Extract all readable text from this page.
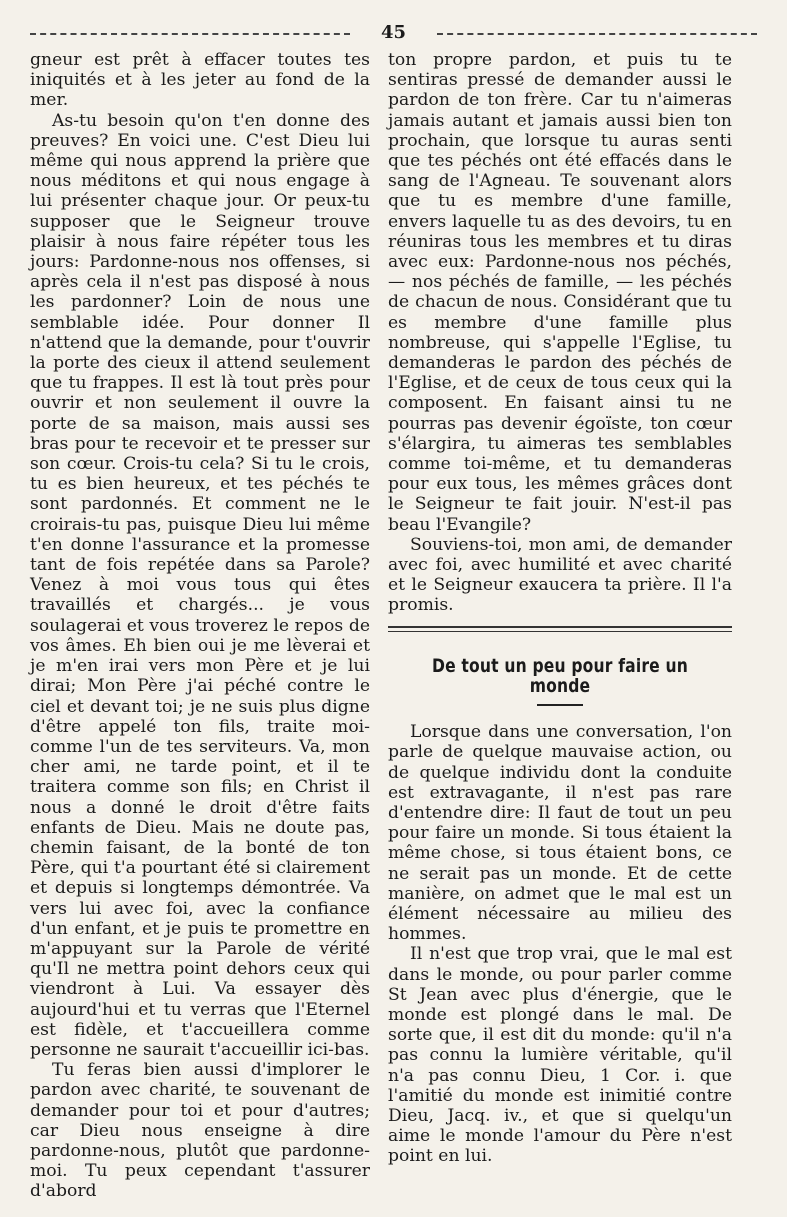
45

gneur est prêt à effacer toutes tes iniquités et à les jeter au fond de la mer.

As-tu besoin qu'on t'en donne des preuves? En voici une. C'est Dieu lui même qui nous apprend la prière que nous méditons et qui nous engage à lui présenter chaque jour. Or peux-tu supposer que le Seigneur trouve plaisir à nous faire répéter tous les jours: Pardonne-nous nos offenses, si après cela il n'est pas disposé à nous les pardonner? Loin de nous une semblable idée. Pour donner Il n'attend que la demande, pour t'ouvrir la porte des cieux il attend seulement que tu frappes. Il est là tout près pour ouvrir et non seulement il ouvre la porte de sa maison, mais aussi ses bras pour te recevoir et te presser sur son cœur. Crois-tu cela? Si tu le crois, tu es bien heureux, et tes péchés te sont pardonnés. Et comment ne le croirais-tu pas, puisque Dieu lui même t'en donne l'assurance et la promesse tant de fois repétée dans sa Parole? Venez à moi vous tous qui êtes travaillés et chargés... je vous soulagerai et vous troverez le repos de vos âmes. Eh bien oui je me lèverai et je m'en irai vers mon Père et je lui dirai; Mon Père j'ai péché contre le ciel et devant toi; je ne suis plus digne d'être appelé ton fils, traite moi-comme l'un de tes serviteurs. Va, mon cher ami, ne tarde point, et il te traitera comme son fils; en Christ il nous a donné le droit d'être faits enfants de Dieu. Mais ne doute pas, chemin faisant, de la bonté de ton Père, qui t'a pourtant été si clairement et depuis si longtemps démontrée. Va vers lui avec foi, avec la confiance d'un enfant, et je puis te promettre en m'appuyant sur la Parole de vérité qu'Il ne mettra point dehors ceux qui viendront à Lui. Va essayer dès aujourd'hui et tu verras que l'Eternel est fidèle, et t'accueillera comme personne ne saurait t'accueillir ici-bas.

Tu feras bien aussi d'implorer le pardon avec charité, te souvenant de demander pour toi et pour d'autres; car Dieu nous enseigne à dire pardonne-nous, plutôt que pardonne-moi. Tu peux cependant t'assurer d'abord

ton propre pardon, et puis tu te sentiras pressé de demander aussi le pardon de ton frère. Car tu n'aimeras jamais autant et jamais aussi bien ton prochain, que lorsque tu auras senti que tes péchés ont été effacés dans le sang de l'Agneau. Te souvenant alors que tu es membre d'une famille, envers laquelle tu as des devoirs, tu en réuniras tous les membres et tu diras avec eux: Pardonne-nous nos péchés, — nos péchés de famille, — les péchés de chacun de nous. Considérant que tu es membre d'une famille plus nombreuse, qui s'appelle l'Eglise, tu demanderas le pardon des péchés de l'Eglise, et de ceux de tous ceux qui la composent. En faisant ainsi tu ne pourras pas devenir égoïste, ton cœur s'élargira, tu aimeras tes semblables comme toi-même, et tu demanderas pour eux tous, les mêmes grâces dont le Seigneur te fait jouir. N'est-il pas beau l'Evangile?

Souviens-toi, mon ami, de demander avec foi, avec humilité et avec charité et le Seigneur exaucera ta prière. Il l'a promis.

De tout un peu pour faire un monde

Lorsque dans une conversation, l'on parle de quelque mauvaise action, ou de quelque individu dont la conduite est extravagante, il n'est pas rare d'entendre dire: Il faut de tout un peu pour faire un monde. Si tous étaient la même chose, si tous étaient bons, ce ne serait pas un monde. Et de cette manière, on admet que le mal est un élément nécessaire au milieu des hommes.

Il n'est que trop vrai, que le mal est dans le monde, ou pour parler comme St Jean avec plus d'énergie, que le monde est plongé dans le mal. De sorte que, il est dit du monde: qu'il n'a pas connu la lumière véritable, qu'il n'a pas connu Dieu, 1 Cor. i. que l'amitié du monde est inimitié contre Dieu, Jacq. iv., et que si quelqu'un aime le monde l'amour du Père n'est point en lui.
